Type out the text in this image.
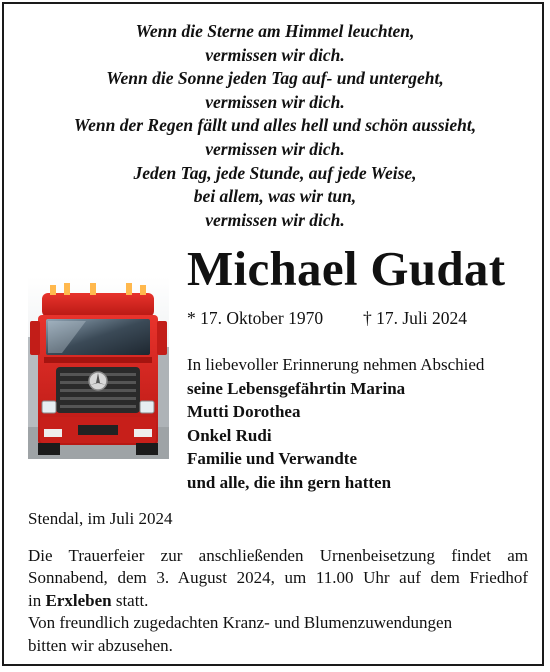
Wenn die Sterne am Himmel leuchten,
vermissen wir dich.
Wenn die Sonne jeden Tag auf- und untergeht,
vermissen wir dich.
Wenn der Regen fällt und alles hell und schön aussieht,
vermissen wir dich.
Jeden Tag, jede Stunde, auf jede Weise,
bei allem, was wir tun,
vermissen wir dich.
Michael Gudat
* 17. Oktober 1970 † 17. Juli 2024
In liebevoller Erinnerung nehmen Abschied
seine Lebensgefährtin Marina
Mutti Dorothea
Onkel Rudi
Familie und Verwandte
und alle, die ihn gern hatten
Stendal, im Juli 2024
Die Trauerfeier zur anschließenden Urnenbeisetzung findet am
Sonnabend, dem 3. August 2024, um 11.00 Uhr auf dem Friedhof
in Erxleben statt.
Von freundlich zugedachten Kranz- und Blumenzuwendungen
bitten wir abzusehen.
